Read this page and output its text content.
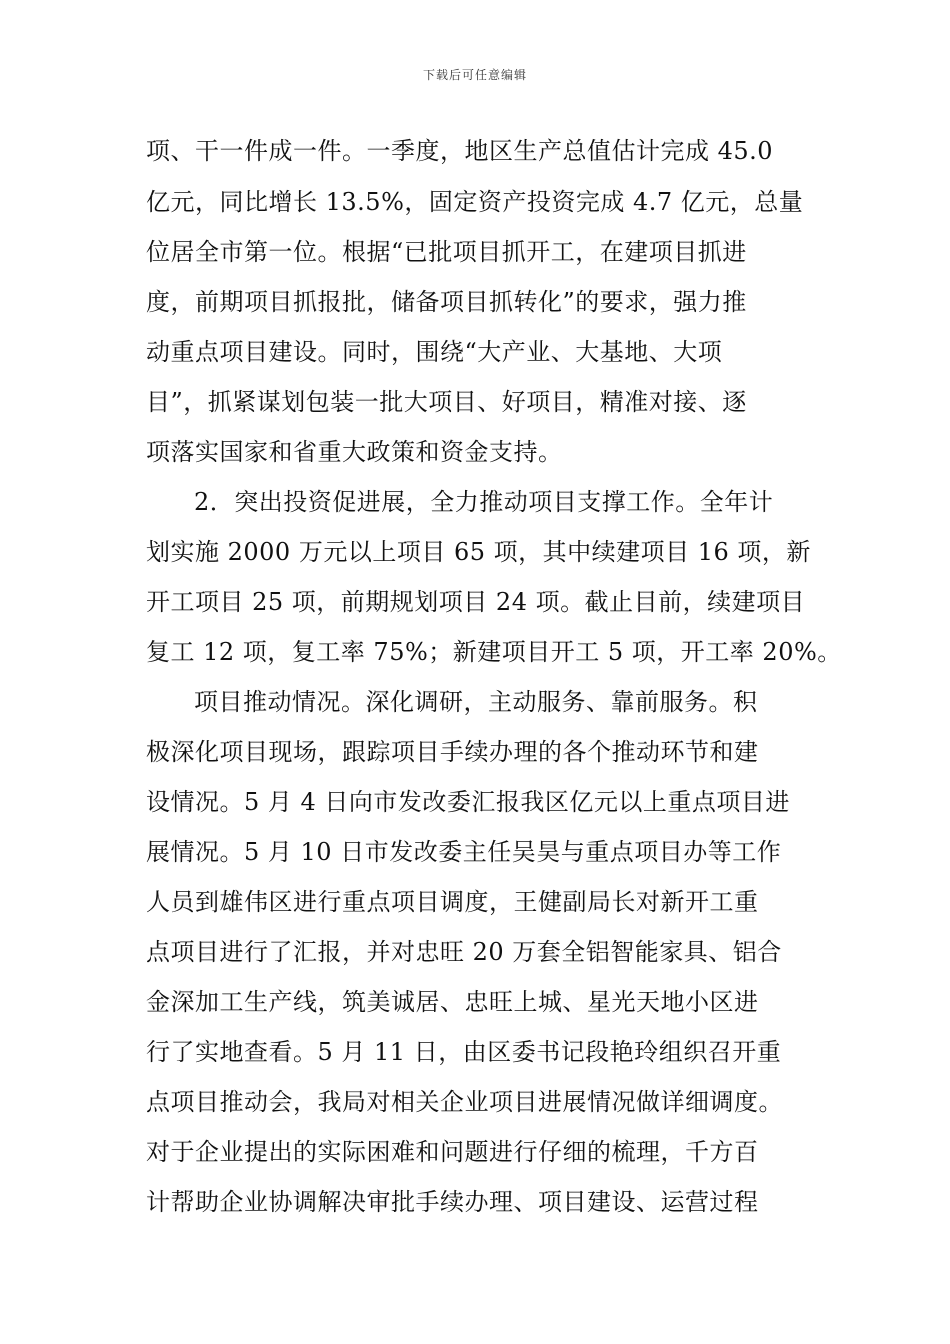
下载后可任意编辑
项、干一件成一件。一季度，地区生产总值估计完成 45.0
亿元，同比增长 13.5%，固定资产投资完成 4.7 亿元，总量
位居全市第一位。根据“已批项目抓开工，在建项目抓进
度，前期项目抓报批，储备项目抓转化”的要求，强力推
动重点项目建设。同时，围绕“大产业、大基地、大项
目”，抓紧谋划包装一批大项目、好项目，精准对接、逐
项落实国家和省重大政策和资金支持。
2．突出投资促进展，全力推动项目支撑工作。全年计
划实施 2000 万元以上项目 65 项，其中续建项目 16 项，新
开工项目 25 项，前期规划项目 24 项。截止目前，续建项目
复工 12 项，复工率 75%；新建项目开工 5 项，开工率 20%。
项目推动情况。深化调研，主动服务、靠前服务。积
极深化项目现场，跟踪项目手续办理的各个推动环节和建
设情况。5 月 4 日向市发改委汇报我区亿元以上重点项目进
展情况。5 月 10 日市发改委主任吴昊与重点项目办等工作
人员到雄伟区进行重点项目调度，王健副局长对新开工重
点项目进行了汇报，并对忠旺 20 万套全铝智能家具、铝合
金深加工生产线，筑美诚居、忠旺上城、星光天地小区进
行了实地查看。5 月 11 日，由区委书记段艳玲组织召开重
点项目推动会，我局对相关企业项目进展情况做详细调度。
对于企业提出的实际困难和问题进行仔细的梳理，千方百
计帮助企业协调解决审批手续办理、项目建设、运营过程
